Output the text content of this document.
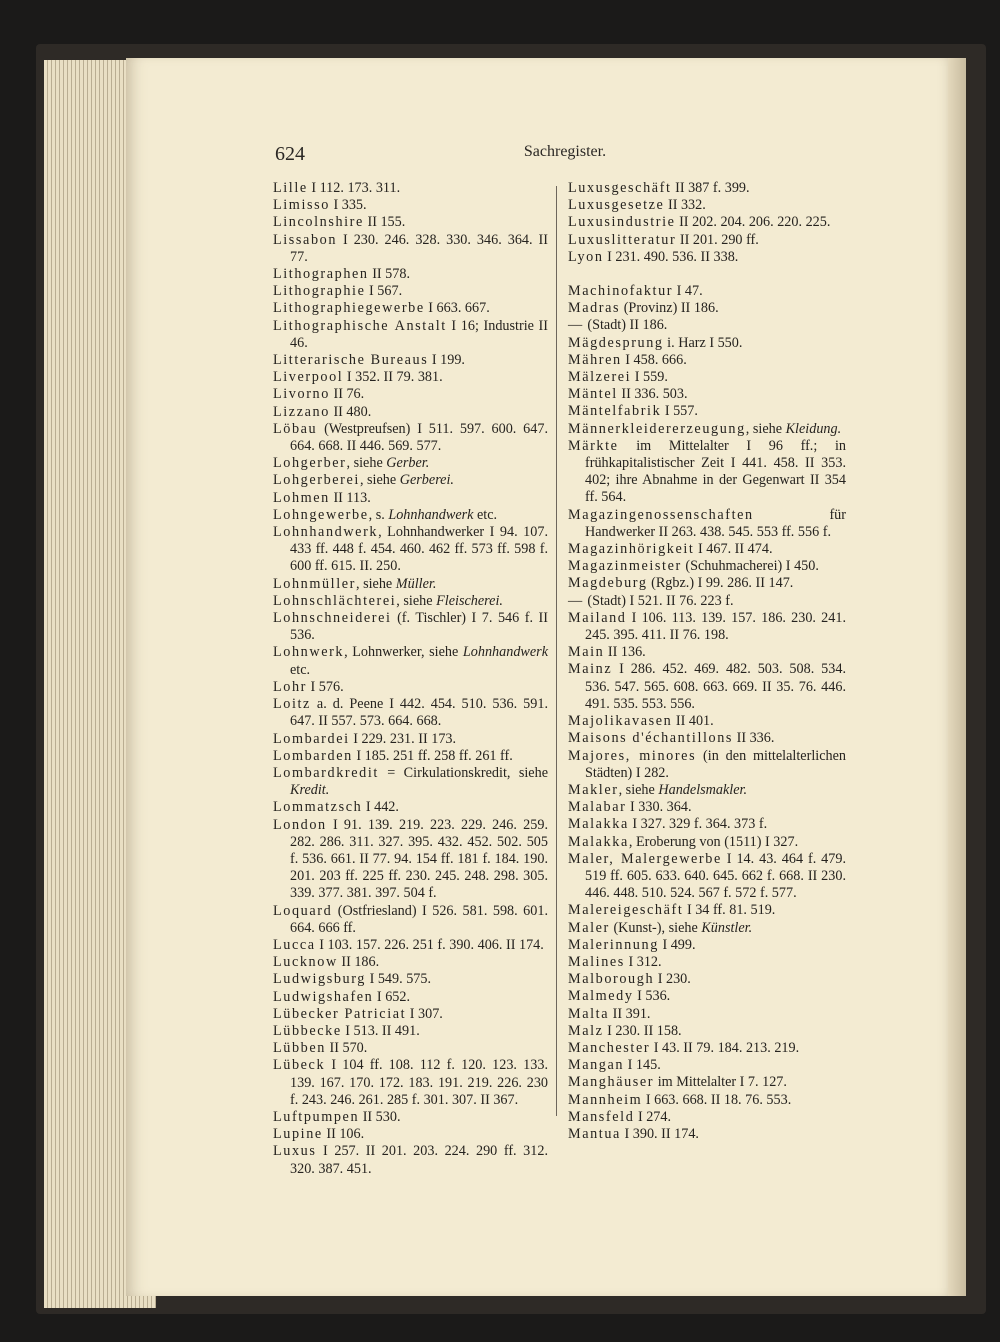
624	Sachregister.
Lille I 112. 173. 311.
Limisso I 335.
Lincolnshire II 155.
Lissabon I 230. 246. 328. 330. 346. 364. II 77.
Lithographen II 578.
Lithographie I 567.
Lithographiegewerbe I 663. 667.
Lithographische Anstalt I 16; Industrie II 46.
Litterarische Bureaus I 199.
Liverpool I 352. II 79. 381.
Livorno II 76.
Lizzano II 480.
Löbau (Westpreufsen) I 511. 597. 600. 647. 664. 668. II 446. 569. 577.
Lohgerber, siehe Gerber.
Lohgerberei, siehe Gerberei.
Lohmen II 113.
Lohngewerbe, s. Lohnhandwerk etc.
Lohnhandwerk, Lohnhandwerker I 94. 107. 433 ff. 448 f. 454. 460. 462 ff. 573 ff. 598 f. 600 ff. 615. II. 250.
Lohnmüller, siehe Müller.
Lohnschlächterei, siehe Fleischerei.
Lohnschneiderei (f. Tischler) I 7. 546 f. II 536.
Lohnwerk, Lohnwerker, siehe Lohnhandwerk etc.
Lohr I 576.
Loitz a. d. Peene I 442. 454. 510. 536. 591. 647. II 557. 573. 664. 668.
Lombardei I 229. 231. II 173.
Lombarden I 185. 251 ff. 258 ff. 261 ff.
Lombardkredit = Cirkulationskredit, siehe Kredit.
Lommatzsch I 442.
London I 91. 139. 219. 223. 229. 246. 259. 282. 286. 311. 327. 395. 432. 452. 502. 505 f. 536. 661. II 77. 94. 154 ff. 181 f. 184. 190. 201. 203 ff. 225 ff. 230. 245. 248. 298. 305. 339. 377. 381. 397. 504 f.
Loquard (Ostfriesland) I 526. 581. 598. 601. 664. 666 ff.
Lucca I 103. 157. 226. 251 f. 390. 406. II 174.
Lucknow II 186.
Ludwigsburg I 549. 575.
Ludwigshafen I 652.
Lübecker Patriciat I 307.
Lübbecke I 513. II 491.
Lübben II 570.
Lübeck I 104 ff. 108. 112 f. 120. 123. 133. 139. 167. 170. 172. 183. 191. 219. 226. 230 f. 243. 246. 261. 285 f. 301. 307. II 367.
Luftpumpen II 530.
Lupine II 106.
Luxus I 257. II 201. 203. 224. 290 ff. 312. 320. 387. 451.
Luxusgeschäft II 387 f. 399.
Luxusgesetze II 332.
Luxusindustrie II 202. 204. 206. 220. 225.
Luxuslitteratur II 201. 290 ff.
Lyon I 231. 490. 536. II 338.
Machinofaktur I 47.
Madras (Provinz) II 186.
— (Stadt) II 186.
Mägdesprung i. Harz I 550.
Mähren I 458. 666.
Mälzerei I 559.
Mäntel II 336. 503.
Mäntelfabrik I 557.
Männerkleidererzeugung, siehe Kleidung.
Märkte im Mittelalter I 96 ff.; in frühkapitalistischer Zeit I 441. 458. II 353. 402; ihre Abnahme in der Gegenwart II 354 ff. 564.
Magazingenossenschaften für Handwerker II 263. 438. 545. 553 ff. 556 f.
Magazinhörigkeit I 467. II 474.
Magazinmeister (Schuhmacherei) I 450.
Magdeburg (Rgbz.) I 99. 286. II 147.
— (Stadt) I 521. II 76. 223 f.
Mailand I 106. 113. 139. 157. 186. 230. 241. 245. 395. 411. II 76. 198.
Main II 136.
Mainz I 286. 452. 469. 482. 503. 508. 534. 536. 547. 565. 608. 663. 669. II 35. 76. 446. 491. 535. 553. 556.
Majolikavasen II 401.
Maisons d'échantillons II 336.
Majores, minores (in den mittelalterlichen Städten) I 282.
Makler, siehe Handelsmakler.
Malabar I 330. 364.
Malakka I 327. 329 f. 364. 373 f.
Malakka, Eroberung von (1511) I 327.
Maler, Malergewerbe I 14. 43. 464 f. 479. 519 ff. 605. 633. 640. 645. 662 f. 668. II 230. 446. 448. 510. 524. 567 f. 572 f. 577.
Malereigeschäft I 34 ff. 81. 519.
Maler (Kunst-), siehe Künstler.
Malerinnung I 499.
Malines I 312.
Malborough I 230.
Malmedy I 536.
Malta II 391.
Malz I 230. II 158.
Manchester I 43. II 79. 184. 213. 219.
Mangan I 145.
Manghäuser im Mittelalter I 7. 127.
Mannheim I 663. 668. II 18. 76. 553.
Mansfeld I 274.
Mantua I 390. II 174.
